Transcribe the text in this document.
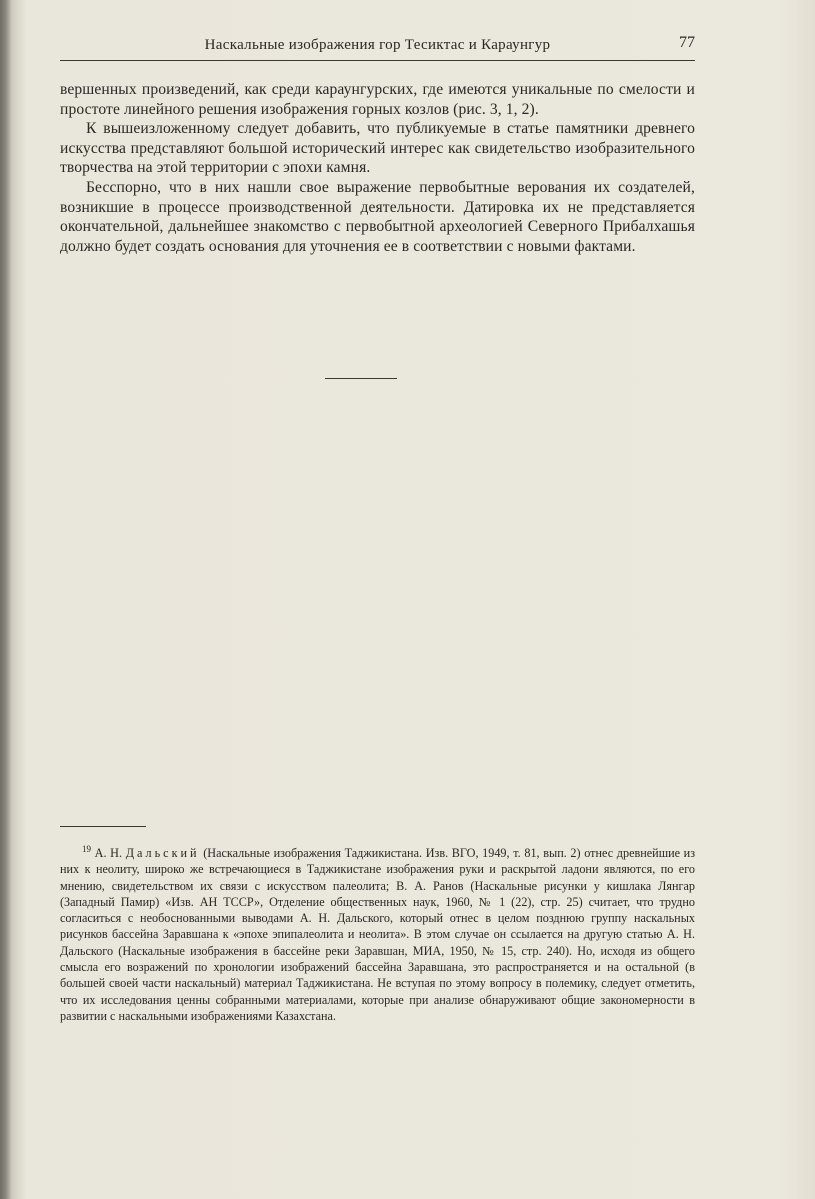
Наскальные изображения гор Тесиктас и Караунгур	77

вершенных произведений, как среди караунгурских, где имеются уникальные по смелости и простоте линейного решения изображения горных козлов (рис. 3, 1, 2).

К вышеизложенному следует добавить, что публикуемые в статье памятники древнего искусства представляют большой исторический интерес как свидетельство изобразительного творчества на этой территории с эпохи камня.

Бесспорно, что в них нашли свое выражение первобытные верования их создателей, возникшие в процессе производственной деятельности. Датировка их не представляется окончательной, дальнейшее знакомство с первобытной археологией Северного Прибалхашья должно будет создать основания для уточнения ее в соответствии с новыми фактами.

$^{19}$ А. Н. Дальский (Наскальные изображения Таджикистана. Изв. ВГО, 1949, т. 81, вып. 2) отнес древнейшие из них к неолиту, широко же встречающиеся в Таджикистане изображения руки и раскрытой ладони являются, по его мнению, свидетельством их связи с искусством палеолита; В. А. Ранов (Наскальные рисунки у кишлака Лянгар (Западный Памир) «Изв. АН ТССР», Отделение общественных наук, 1960, № 1 (22), стр. 25) считает, что трудно согласиться с необоснованными выводами А. Н. Дальского, который отнес в целом позднюю группу наскальных рисунков бассейна Заравшана к «эпохе эпипалеолита и неолита». В этом случае он ссылается на другую статью А. Н. Дальского (Наскальные изображения в бассейне реки Заравшан, МИА, 1950, № 15, стр. 240). Но, исходя из общего смысла его возражений по хронологии изображений бассейна Заравшана, это распространяется и на остальной (в большей своей части наскальный) материал Таджикистана. Не вступая по этому вопросу в полемику, следует отметить, что их исследования ценны собранными материалами, которые при анализе обнаруживают общие закономерности в развитии с наскальными изображениями Казахстана.
